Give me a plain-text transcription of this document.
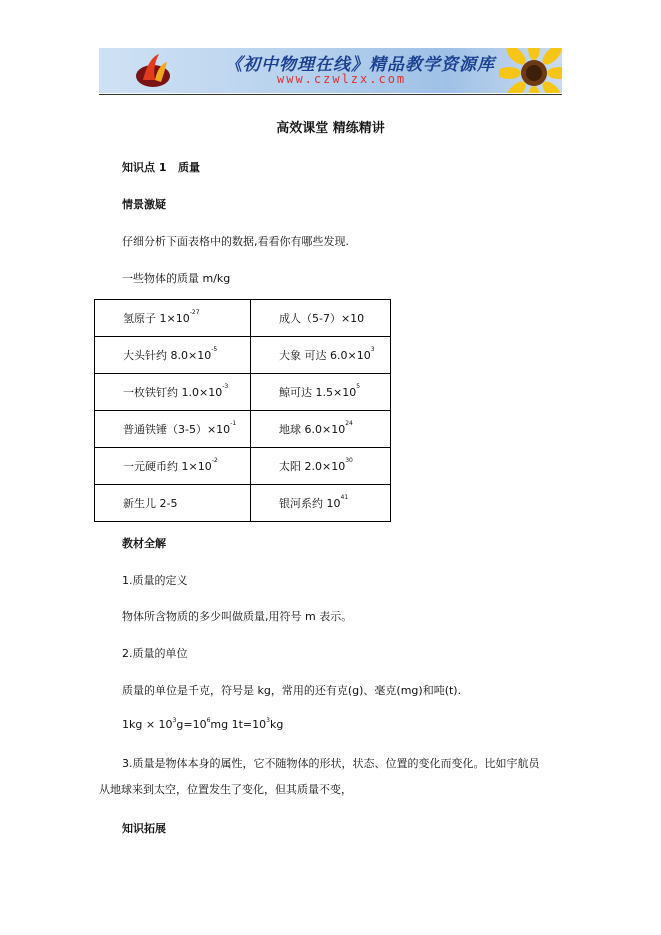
《初中物理在线》精品教学资源库
www.czwlzx.com
高效课堂 精练精讲
知识点 1 质量
情景激疑
仔细分析下面表格中的数据,看看你有哪些发现.
一些物体的质量 m/kg
氢原子 $1\times 10^{-27}$	成人（5-7）×10
大头针约 $8.0\times 10^{-5}$	大象 可达 $6.0\times 10^3$
一枚铁钉约 $1.0\times 10^{-3}$	鲸可达 $1.5\times 10^5$
普通铁锤$(3-5)\times 10^{-1}$	地球 $6.0\times 10^{24}$
一元硬币约 $1\times 10^{-2}$	太阳 $2.0\times 10^{30}$
新生儿 2-5	银河系约 $10^{41}$
教材全解
1.质量的定义
物体所含物质的多少叫做质量,用符号 m 表示。
2.质量的单位
质量的单位是千克，符号是 kg，常用的还有克(g)、毫克(mg)和吨(t).
$1kg \times 10^3g=10^6mg$ $1t=10^3kg$
3.质量是物体本身的属性，它不随物体的形状，状态、位置的变化而变化。比如宇航员
从地球来到太空，位置发生了变化，但其质量不变，
知识拓展
